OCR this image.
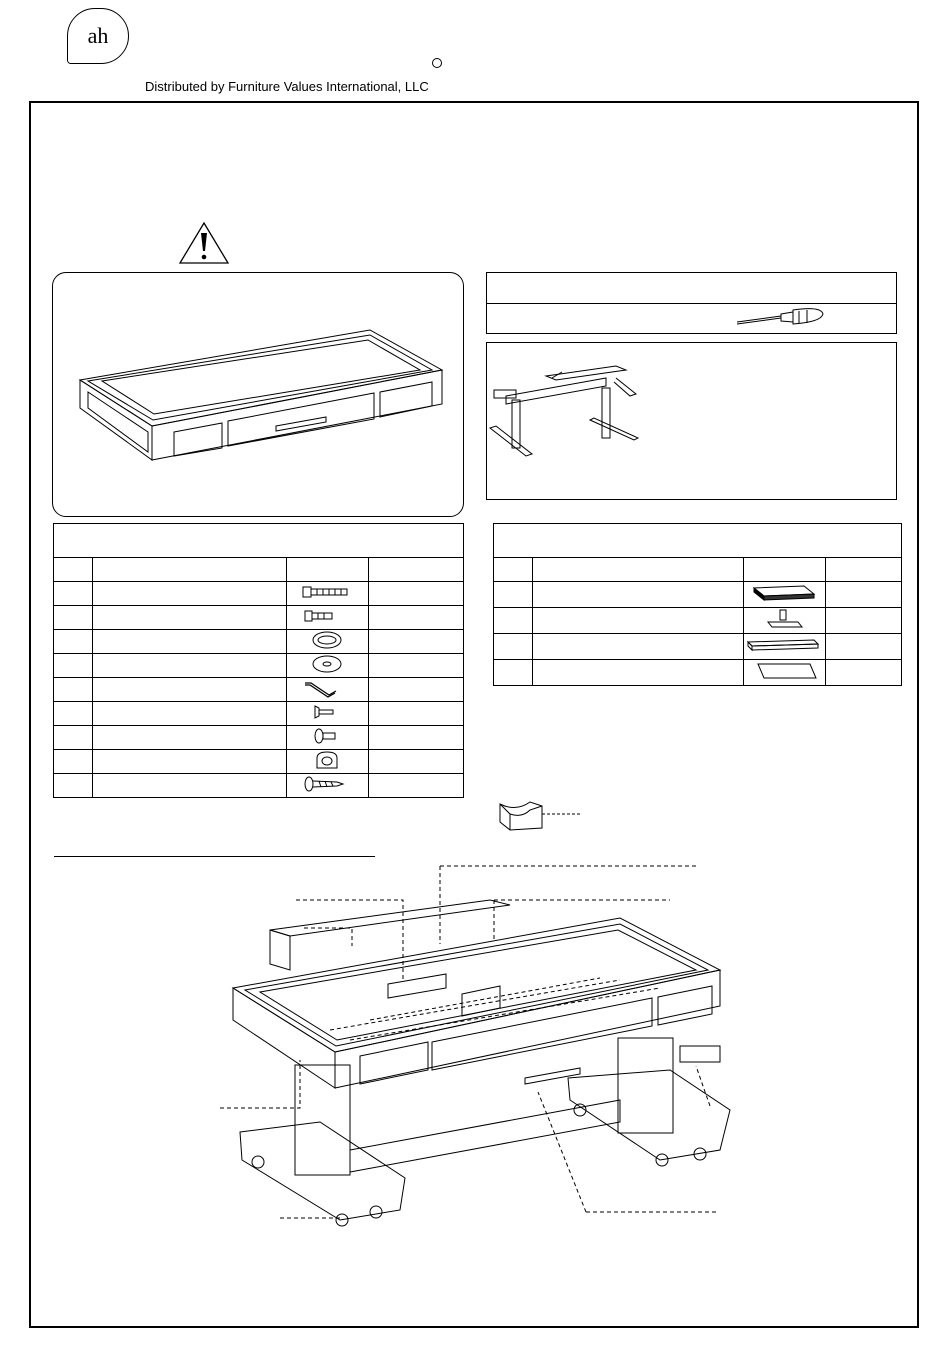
ah
Distributed by Furniture Values International, LLC
